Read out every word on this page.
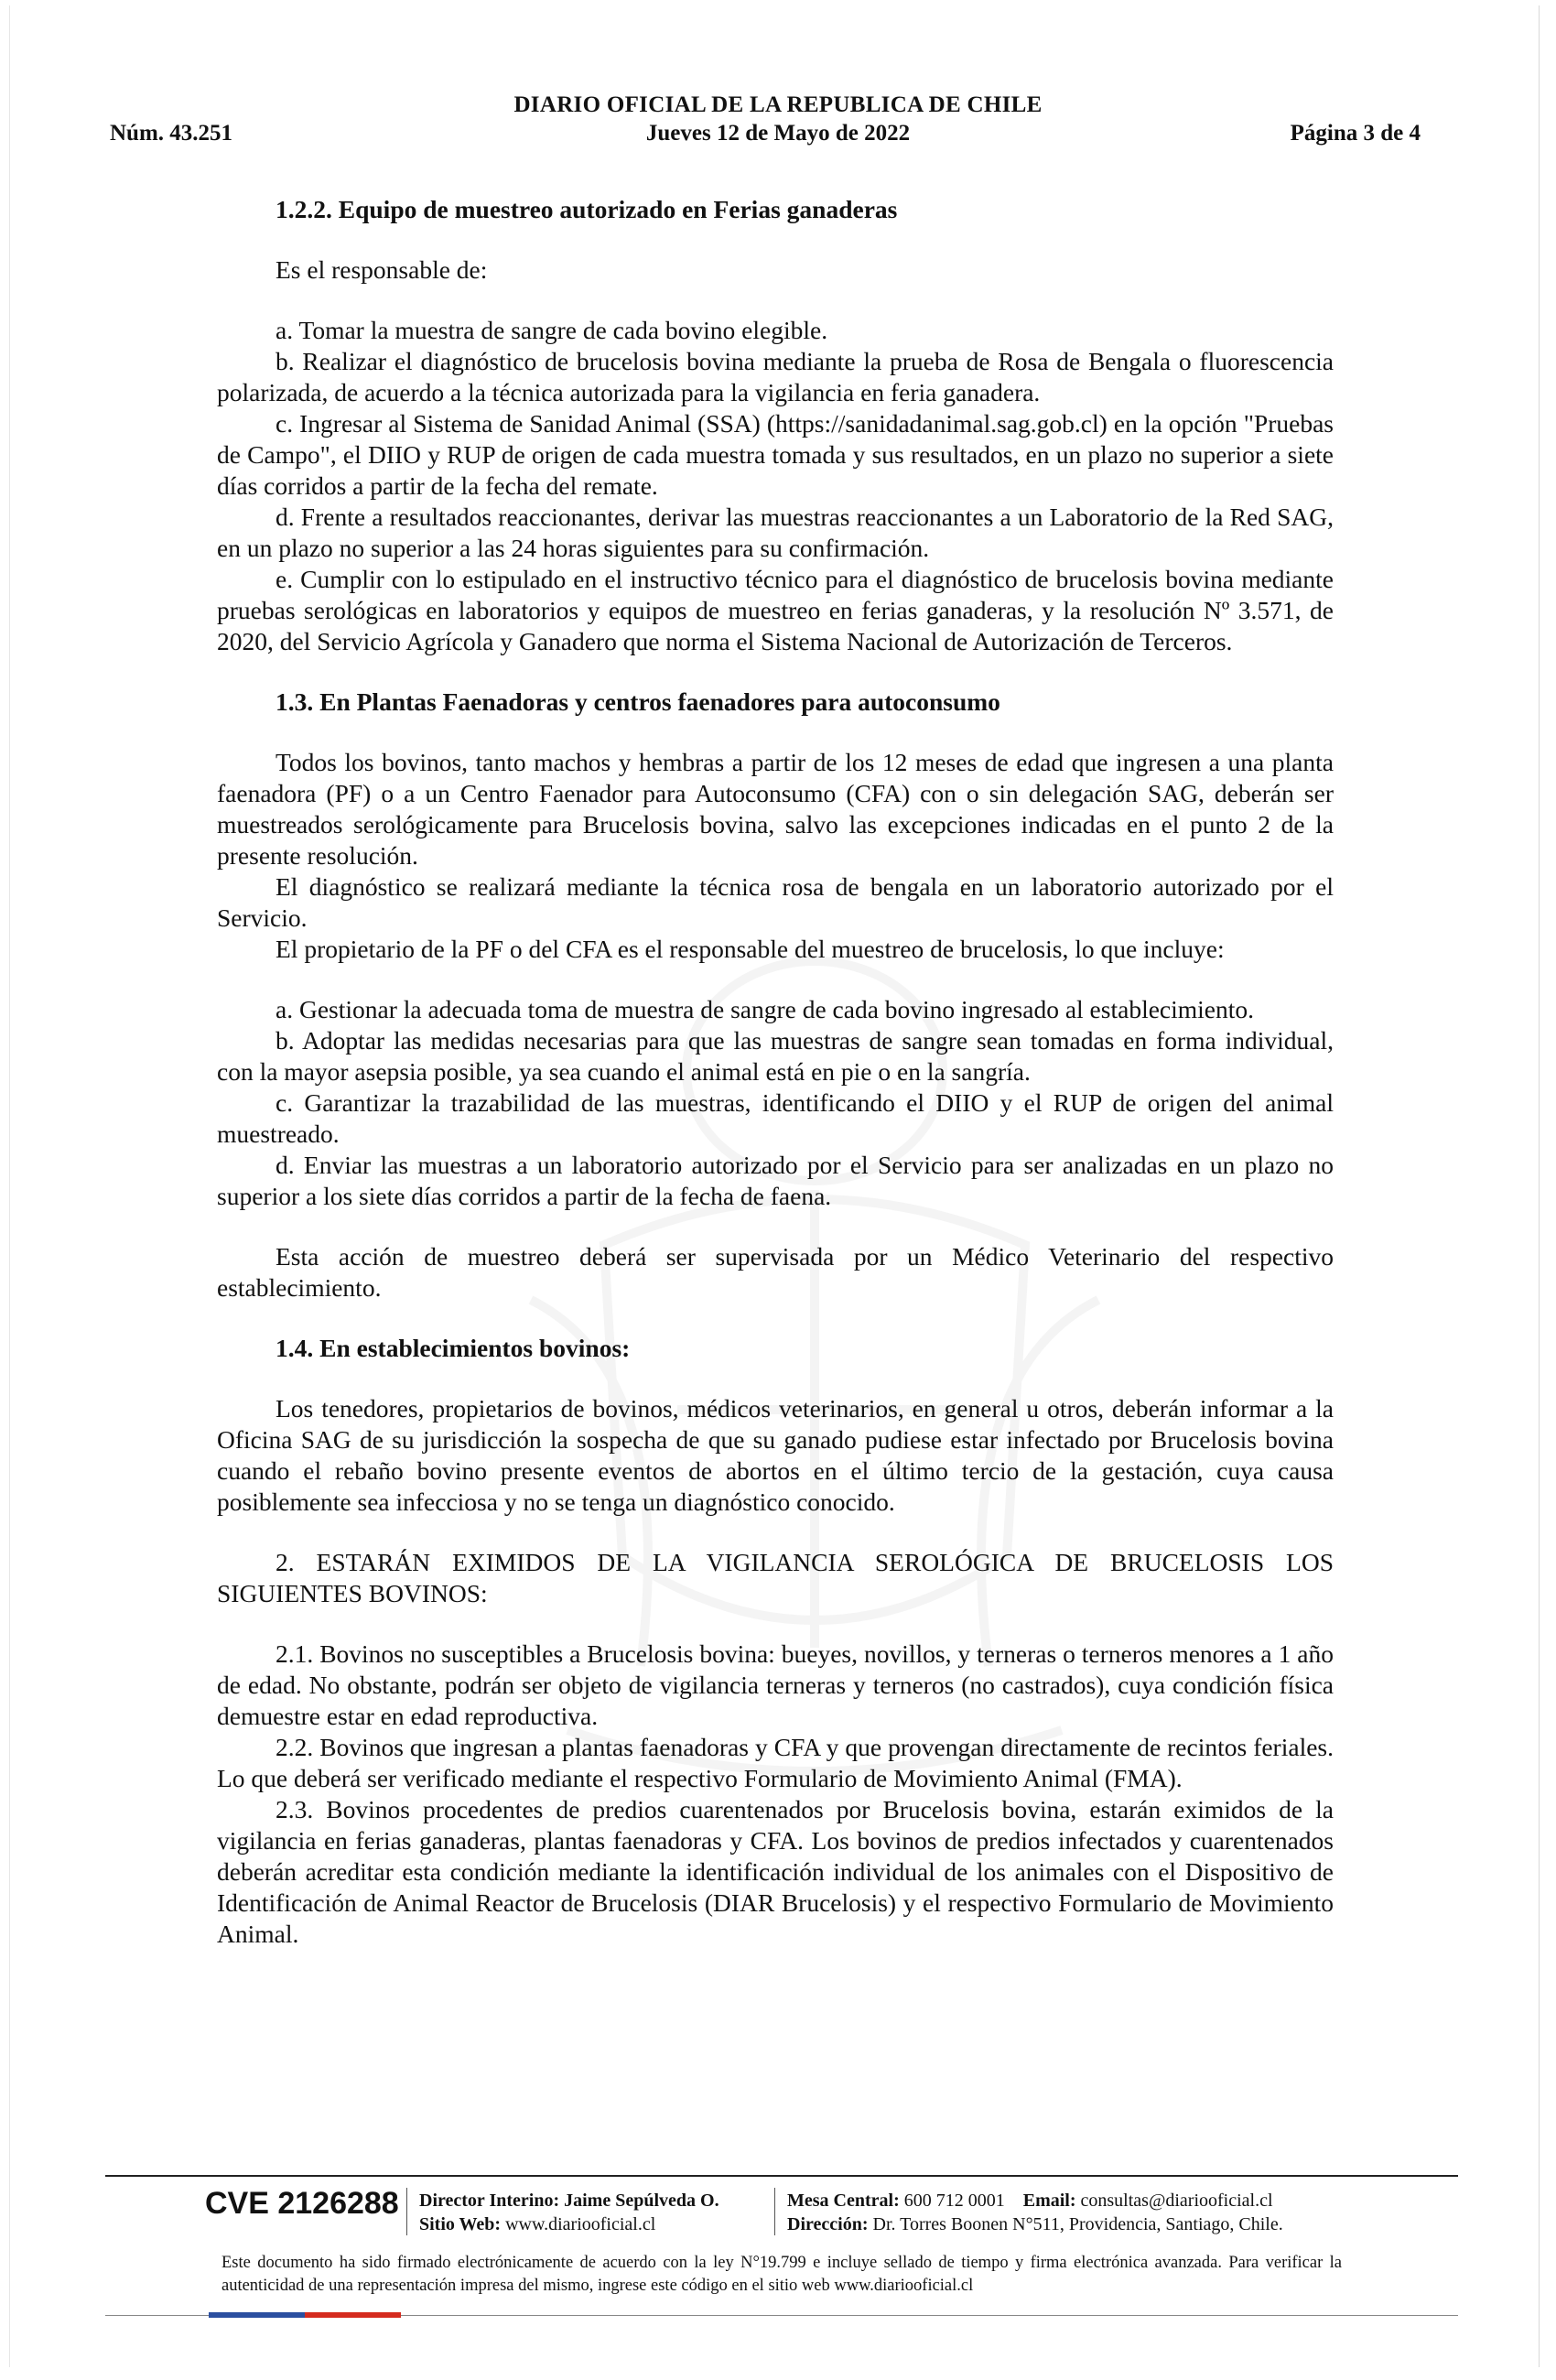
DIARIO OFICIAL DE LA REPUBLICA DE CHILE
Núm. 43.251	Jueves 12 de Mayo de 2022	Página 3 de 4

1.2.2. Equipo de muestreo autorizado en Ferias ganaderas

Es el responsable de:

a. Tomar la muestra de sangre de cada bovino elegible.

b. Realizar el diagnóstico de brucelosis bovina mediante la prueba de Rosa de Bengala o fluorescencia polarizada, de acuerdo a la técnica autorizada para la vigilancia en feria ganadera.

c. Ingresar al Sistema de Sanidad Animal (SSA) (https://sanidadanimal.sag.gob.cl) en la opción "Pruebas de Campo", el DIIO y RUP de origen de cada muestra tomada y sus resultados, en un plazo no superior a siete días corridos a partir de la fecha del remate.

d. Frente a resultados reaccionantes, derivar las muestras reaccionantes a un Laboratorio de la Red SAG, en un plazo no superior a las 24 horas siguientes para su confirmación.

e. Cumplir con lo estipulado en el instructivo técnico para el diagnóstico de brucelosis bovina mediante pruebas serológicas en laboratorios y equipos de muestreo en ferias ganaderas, y la resolución Nº 3.571, de 2020, del Servicio Agrícola y Ganadero que norma el Sistema Nacional de Autorización de Terceros.

1.3. En Plantas Faenadoras y centros faenadores para autoconsumo

Todos los bovinos, tanto machos y hembras a partir de los 12 meses de edad que ingresen a una planta faenadora (PF) o a un Centro Faenador para Autoconsumo (CFA) con o sin delegación SAG, deberán ser muestreados serológicamente para Brucelosis bovina, salvo las excepciones indicadas en el punto 2 de la presente resolución.

El diagnóstico se realizará mediante la técnica rosa de bengala en un laboratorio autorizado por el Servicio.

El propietario de la PF o del CFA es el responsable del muestreo de brucelosis, lo que incluye:

a. Gestionar la adecuada toma de muestra de sangre de cada bovino ingresado al establecimiento.

b. Adoptar las medidas necesarias para que las muestras de sangre sean tomadas en forma individual, con la mayor asepsia posible, ya sea cuando el animal está en pie o en la sangría.

c. Garantizar la trazabilidad de las muestras, identificando el DIIO y el RUP de origen del animal muestreado.

d. Enviar las muestras a un laboratorio autorizado por el Servicio para ser analizadas en un plazo no superior a los siete días corridos a partir de la fecha de faena.

Esta acción de muestreo deberá ser supervisada por un Médico Veterinario del respectivo establecimiento.

1.4. En establecimientos bovinos:

Los tenedores, propietarios de bovinos, médicos veterinarios, en general u otros, deberán informar a la Oficina SAG de su jurisdicción la sospecha de que su ganado pudiese estar infectado por Brucelosis bovina cuando el rebaño bovino presente eventos de abortos en el último tercio de la gestación, cuya causa posiblemente sea infecciosa y no se tenga un diagnóstico conocido.

2. ESTARÁN EXIMIDOS DE LA VIGILANCIA SEROLÓGICA DE BRUCELOSIS LOS SIGUIENTES BOVINOS:

2.1. Bovinos no susceptibles a Brucelosis bovina: bueyes, novillos, y terneras o terneros menores a 1 año de edad. No obstante, podrán ser objeto de vigilancia terneras y terneros (no castrados), cuya condición física demuestre estar en edad reproductiva.

2.2. Bovinos que ingresan a plantas faenadoras y CFA y que provengan directamente de recintos feriales. Lo que deberá ser verificado mediante el respectivo Formulario de Movimiento Animal (FMA).

2.3. Bovinos procedentes de predios cuarentenados por Brucelosis bovina, estarán eximidos de la vigilancia en ferias ganaderas, plantas faenadoras y CFA. Los bovinos de predios infectados y cuarentenados deberán acreditar esta condición mediante la identificación individual de los animales con el Dispositivo de Identificación de Animal Reactor de Brucelosis (DIAR Brucelosis) y el respectivo Formulario de Movimiento Animal.

CVE 2126288 Director Interino: Jaime Sepúlveda O.
Sitio Web: www.diariooficial.cl
Mesa Central: 600 712 0001 Email: consultas@diariooficial.cl
Dirección: Dr. Torres Boonen N°511, Providencia, Santiago, Chile.
Este documento ha sido firmado electrónicamente de acuerdo con la ley N°19.799 e incluye sellado de tiempo y firma electrónica avanzada. Para verificar la autenticidad de una representación impresa del mismo, ingrese este código en el sitio web www.diariooficial.cl
